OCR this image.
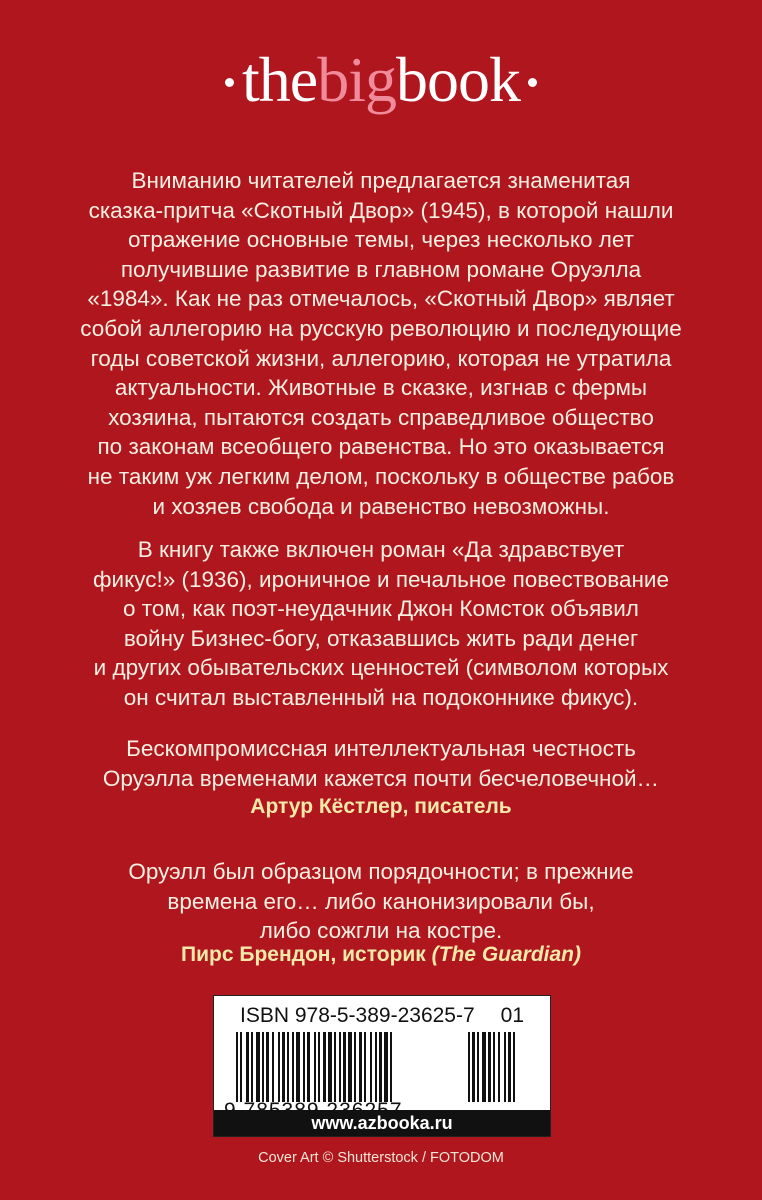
thebigbook
Вниманию читателей предлагается знаменитая
сказка-притча «Скотный Двор» (1945), в которой нашли
отражение основные темы, через несколько лет
получившие развитие в главном романе Оруэлла
«1984». Как не раз отмечалось, «Скотный Двор» являет
собой аллегорию на русскую революцию и последующие
годы советской жизни, аллегорию, которая не утратила
актуальности. Животные в сказке, изгнав с фермы
хозяина, пытаются создать справедливое общество
по законам всеобщего равенства. Но это оказывается
не таким уж легким делом, поскольку в обществе рабов
и хозяев свобода и равенство невозможны.
В книгу также включен роман «Да здравствует
фикус!» (1936), ироничное и печальное повествование
о том, как поэт-неудачник Джон Комсток объявил
войну Бизнес-богу, отказавшись жить ради денег
и других обывательских ценностей (символом которых
он считал выставленный на подоконнике фикус).
Бескомпромиссная интеллектуальная честность
Оруэлла временами кажется почти бесчеловечной…

Артур Кёстлер, писатель

Оруэлл был образцом порядочности; в прежние
времена его… либо канонизировали бы,
либо сожгли на костре.

Пирс Брендон, историк (The Guardian)

ISBN 978-5-389-23625-7 01
www.azbooka.ru
Cover Art © Shutterstock / FOTODOM
